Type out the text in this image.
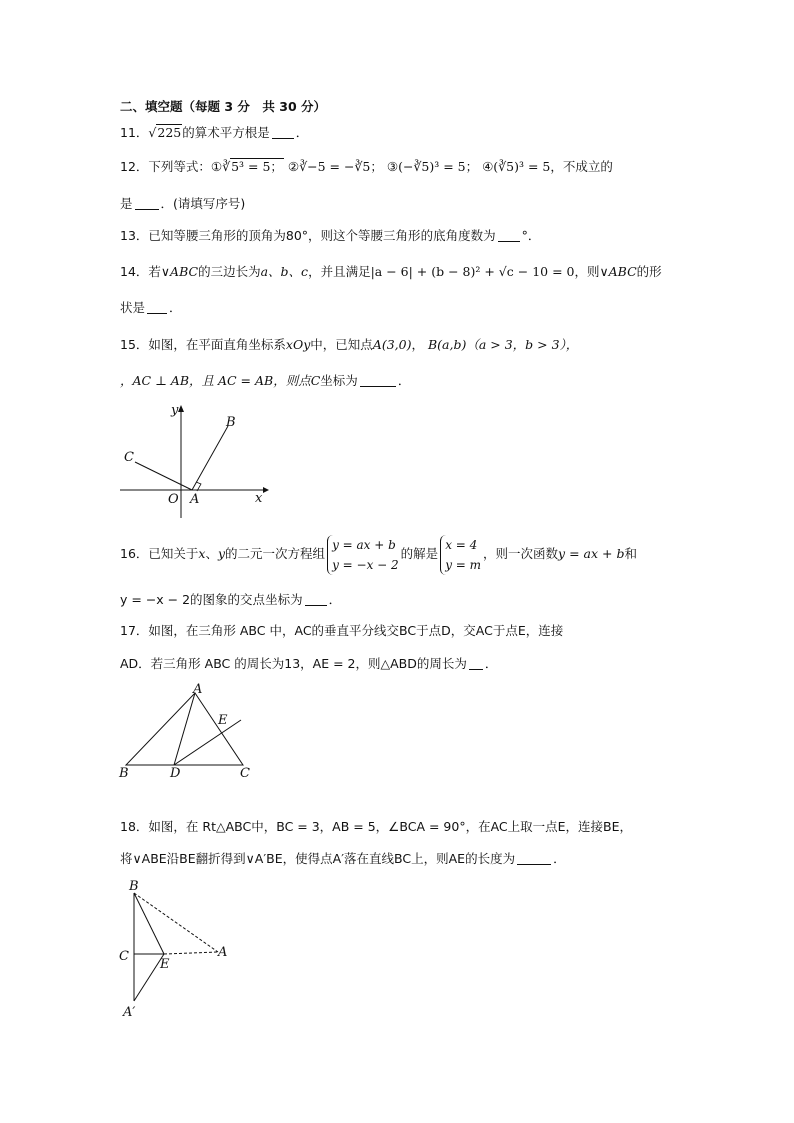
二、填空题（每题 3 分　共 30 分）
11．√225的算术平方根是 ．
12．下列等式：①∛5³ = 5； ②∛−5 = −∛5； ③(−∛5)³ = 5； ④(∛5)³ = 5，不成立的
是 ．(请填写序号)
13．已知等腰三角形的顶角为80°，则这个等腰三角形的底角度数为 °．
14．若∨ABC的三边长为a、b、c，并且满足|a − 6| + (b − 8)² + √c − 10 = 0，则∨ABC的形
状是 ．
15．如图，在平面直角坐标系xOy中，已知点A(3,0)， B(a,b)（a > 3，b > 3），
，AC ⊥ AB，且 AC = AB，则点C坐标为	．
y
x
O A
B
C
16．已知关于x、y的二元一次方程组
y = ax + b
y = −x − 2
的解是
x = 4
y = m
，则一次函数y = ax + b和
y = −x − 2的图象的交点坐标为 ．
17．如图，在三角形 ABC 中，AC的垂直平分线交BC于点D，交AC于点E，连接
AD．若三角形 ABC 的周长为13，AE = 2，则△ABD的周长为 ．
A
B	D	C
E
18．如图，在 Rt△ABC中，BC = 3，AB = 5，∠BCA = 90°，在AC上取一点E，连接BE，
将∨ABE沿BE翻折得到∨A′BE，使得点A′落在直线BC上，则AE的长度为	．
B
C
E
A
A′
